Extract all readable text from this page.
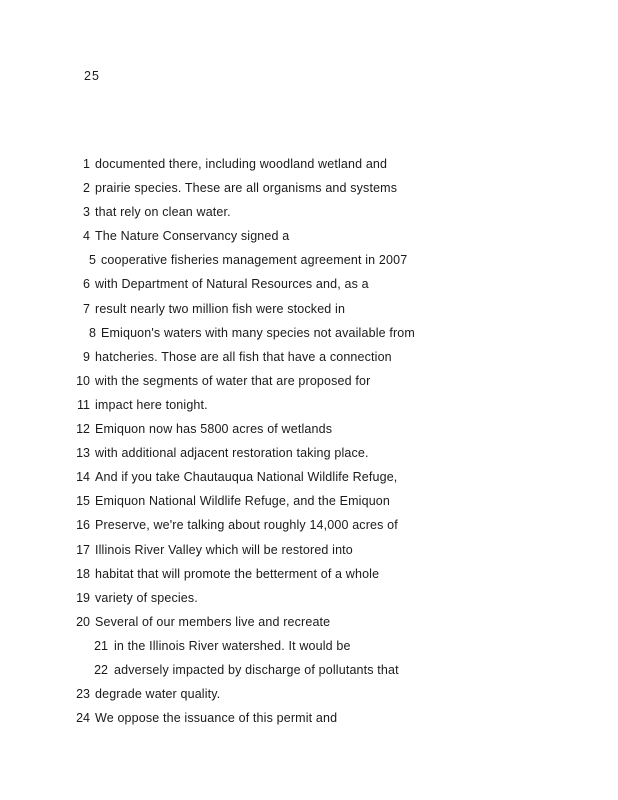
25
1 documented there, including woodland wetland and
2 prairie species. These are all organisms and systems
3 that rely on clean water.
4 The Nature Conservancy signed a
5 cooperative fisheries management agreement in 2007
6 with Department of Natural Resources and, as a
7 result nearly two million fish were stocked in
8 Emiquon's waters with many species not available from
9 hatcheries. Those are all fish that have a connection
10 with the segments of water that are proposed for
11 impact here tonight.
12 Emiquon now has 5800 acres of wetlands
13 with additional adjacent restoration taking place.
14 And if you take Chautauqua National Wildlife Refuge,
15 Emiquon National Wildlife Refuge, and the Emiquon
16 Preserve, we're talking about roughly 14,000 acres of
17 Illinois River Valley which will be restored into
18 habitat that will promote the betterment of a whole
19 variety of species.
20 Several of our members live and recreate
21 in the Illinois River watershed. It would be
22 adversely impacted by discharge of pollutants that
23 degrade water quality.
24 We oppose the issuance of this permit and
